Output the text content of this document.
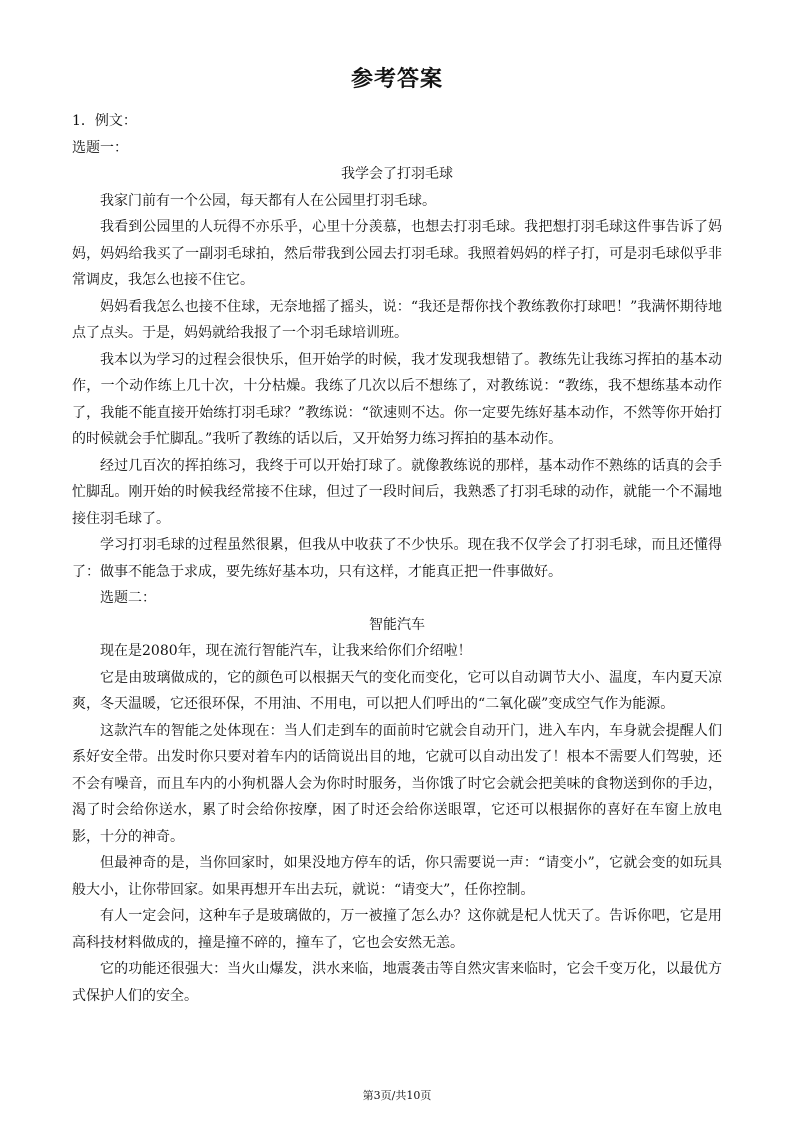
参考答案

1．例文：

选题一：

我学会了打羽毛球

我家门前有一个公园，每天都有人在公园里打羽毛球。

我看到公园里的人玩得不亦乐乎，心里十分羡慕，也想去打羽毛球。我把想打羽毛球这件事告诉了妈妈，妈妈给我买了一副羽毛球拍，然后带我到公园去打羽毛球。我照着妈妈的样子打，可是羽毛球似乎非常调皮，我怎么也接不住它。

妈妈看我怎么也接不住球，无奈地摇了摇头，说：“我还是帮你找个教练教你打球吧！”我满怀期待地点了点头。于是，妈妈就给我报了一个羽毛球培训班。

我本以为学习的过程会很快乐，但开始学的时候，我才发现我想错了。教练先让我练习挥拍的基本动作，一个动作练上几十次，十分枯燥。我练了几次以后不想练了，对教练说：“教练，我不想练基本动作了，我能不能直接开始练打羽毛球？”教练说：“欲速则不达。你一定要先练好基本动作，不然等你开始打的时候就会手忙脚乱。”我听了教练的话以后，又开始努力练习挥拍的基本动作。

经过几百次的挥拍练习，我终于可以开始打球了。就像教练说的那样，基本动作不熟练的话真的会手忙脚乱。刚开始的时候我经常接不住球，但过了一段时间后，我熟悉了打羽毛球的动作，就能一个不漏地接住羽毛球了。

学习打羽毛球的过程虽然很累，但我从中收获了不少快乐。现在我不仅学会了打羽毛球，而且还懂得了：做事不能急于求成，要先练好基本功，只有这样，才能真正把一件事做好。

选题二：

智能汽车

现在是2080年，现在流行智能汽车，让我来给你们介绍啦！

它是由玻璃做成的，它的颜色可以根据天气的变化而变化，它可以自动调节大小、温度，车内夏天凉爽，冬天温暖，它还很环保，不用油、不用电，可以把人们呼出的“二氧化碳”变成空气作为能源。

这款汽车的智能之处体现在：当人们走到车的面前时它就会自动开门，进入车内，车身就会提醒人们系好安全带。出发时你只要对着车内的话筒说出目的地，它就可以自动出发了！根本不需要人们驾驶，还不会有噪音，而且车内的小狗机器人会为你时时服务，当你饿了时它会就会把美味的食物送到你的手边，渴了时会给你送水，累了时会给你按摩，困了时还会给你送眼罩，它还可以根据你的喜好在车窗上放电影，十分的神奇。

但最神奇的是，当你回家时，如果没地方停车的话，你只需要说一声：“请变小”，它就会变的如玩具般大小，让你带回家。如果再想开车出去玩，就说：“请变大”，任你控制。

有人一定会问，这种车子是玻璃做的，万一被撞了怎么办？这你就是杞人忧天了。告诉你吧，它是用高科技材料做成的，撞是撞不碎的，撞车了，它也会安然无恙。

它的功能还很强大：当火山爆发，洪水来临，地震袭击等自然灾害来临时，它会千变万化，以最优方式保护人们的安全。

第3页/共10页
